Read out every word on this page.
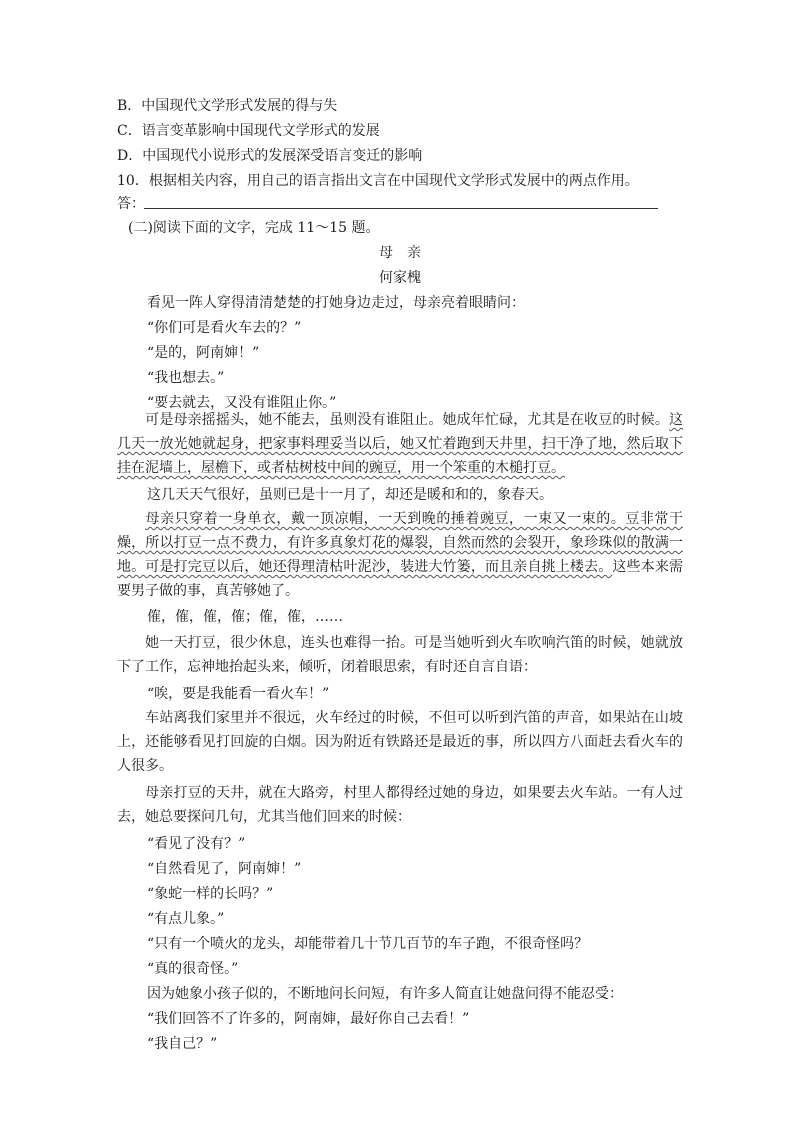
B．中国现代文学形式发展的得与失
C．语言变革影响中国现代文学形式的发展
D．中国现代小说形式的发展深受语言变迁的影响
10．根据相关内容，用自己的语言指出文言在中国现代文学形式发展中的两点作用。
答：
(二)阅读下面的文字，完成 11～15 题。
母　亲
何家槐
看见一阵人穿得清清楚楚的打她身边走过，母亲亮着眼睛问：
“你们可是看火车去的？”
“是的，阿南婶！”
“我也想去。”
“要去就去，又没有谁阻止你。”
可是母亲摇摇头，她不能去，虽则没有谁阻止。她成年忙碌，尤其是在收豆的时候。这几天一放光她就起身，把家事料理妥当以后，她又忙着跑到天井里，扫干净了地，然后取下挂在泥墙上，屋檐下，或者枯树枝中间的豌豆，用一个笨重的木槌打豆。
这几天天气很好，虽则已是十一月了，却还是暖和和的，象春天。
母亲只穿着一身单衣，戴一顶凉帽，一天到晚的捶着豌豆，一束又一束的。豆非常干燥，所以打豆一点不费力，有许多真象灯花的爆裂，自然而然的会裂开，象珍珠似的散满一地。可是打完豆以后，她还得理清枯叶泥沙，装进大竹篓，而且亲自挑上楼去。这些本来需要男子做的事，真苦够她了。
傕，傕，傕，傕；傕，傕，……
她一天打豆，很少休息，连头也难得一抬。可是当她听到火车吹响汽笛的时候，她就放下了工作，忘神地抬起头来，倾听，闭着眼思索，有时还自言自语：
“唉，要是我能看一看火车！”
车站离我们家里并不很远，火车经过的时候，不但可以听到汽笛的声音，如果站在山坡上，还能够看见打回旋的白烟。因为附近有铁路还是最近的事，所以四方八面赶去看火车的人很多。
母亲打豆的天井，就在大路旁，村里人都得经过她的身边，如果要去火车站。一有人过去，她总要探问几句，尤其当他们回来的时候：
“看见了没有？”
“自然看见了，阿南婶！”
“象蛇一样的长吗？”
“有点儿象。”
“只有一个喷火的龙头，却能带着几十节几百节的车子跑，不很奇怪吗？
“真的很奇怪。”
因为她象小孩子似的，不断地问长问短，有许多人简直让她盘问得不能忍受：
“我们回答不了许多的，阿南婶，最好你自己去看！”
“我自己？”
